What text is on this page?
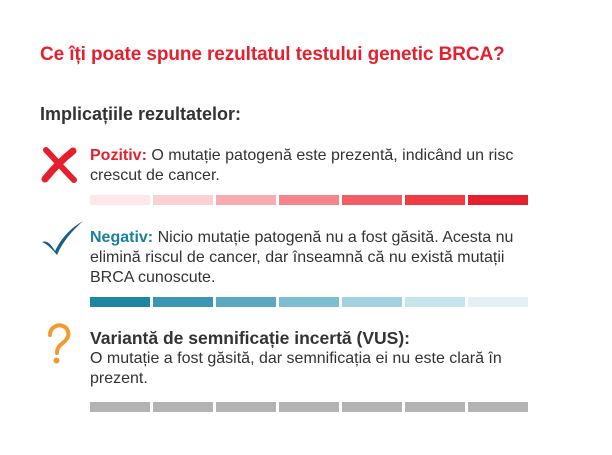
Ce îți poate spune rezultatul testului genetic BRCA?
Implicațiile rezultatelor:
Pozitiv: O mutație patogenă este prezentă, indicând un risc crescut de cancer.
Negativ: Nicio mutație patogenă nu a fost găsită. Acesta nu elimină riscul de cancer, dar înseamnă că nu există mutații BRCA cunoscute.
Variantă de semnificație incertă (VUS):
O mutație a fost găsită, dar semnificația ei nu este clară în prezent.
